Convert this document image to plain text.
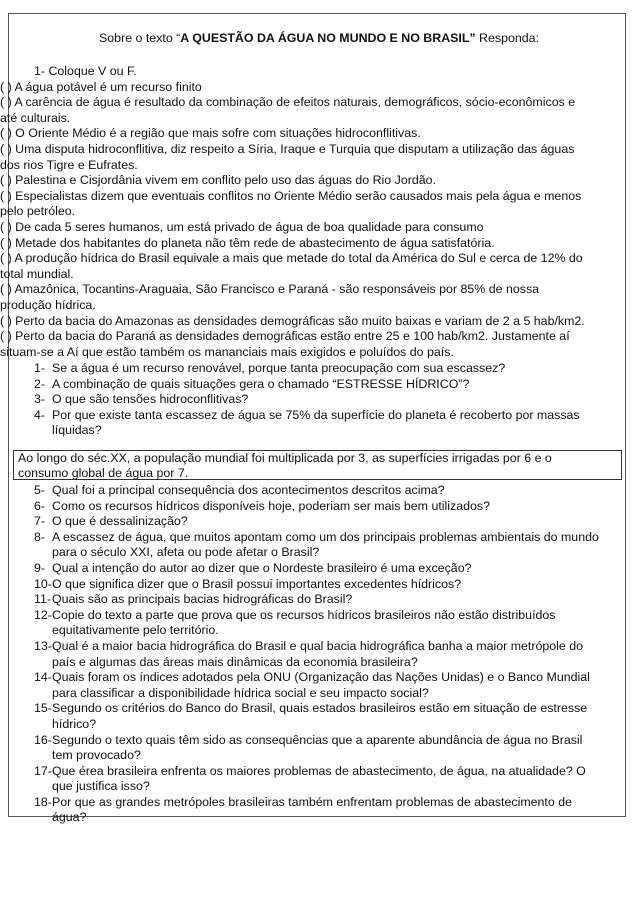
Sobre o texto “A QUESTÃO DA ÁGUA NO MUNDO E NO BRASIL” Responda:
1- Coloque V ou F.
( ) A água potável é um recurso finito
( ) A carência de água é resultado da combinação de efeitos naturais, demográficos, sócio-econômicos e
até culturais.
( ) O Oriente Médio é a região que mais sofre com situações hidroconflitivas.
( ) Uma disputa hidroconflitiva, diz respeito a Síria, Iraque e Turquia que disputam a utilização das águas
dos rios Tigre e Eufrates.
( ) Palestina e Cisjordânia vivem em conflito pelo uso das águas do Rio Jordão.
( ) Especialistas dizem que eventuais conflitos no Oriente Médio serão causados mais pela água e menos
pelo petróleo.
( ) De cada 5 seres humanos, um está privado de água de boa qualidade para consumo
( ) Metade dos habitantes do planeta não têm rede de abastecimento de água satisfatória.
( ) A produção hídrica do Brasil equivale a mais que metade do total da América do Sul e cerca de 12% do
total mundial.
( ) Amazônica, Tocantins-Araguaia, São Francisco e Paraná - são responsáveis por 85% de nossa
produção hídrica.
( ) Perto da bacia do Amazonas as densidades demográficas são muito baixas e variam de 2 a 5 hab/km2.
( ) Perto da bacia do Paraná as densidades demográficas estão entre 25 e 100 hab/km2. Justamente aí
situam-se a Aí que estão também os mananciais mais exigidos e poluídos do país.
1- Se a água é um recurso renovável, porque tanta preocupação com sua escassez?
2- A combinação de quais situações gera o chamado “ESTRESSE HÍDRICO”?
3- O que são tensões hidroconflitivas?
4- Por que existe tanta escassez de água se 75% da superfície do planeta é recoberto por massas
líquidas?
Ao longo do séc.XX, a população mundial foi multiplicada por 3, as superfícies irrigadas por 6 e o
consumo global de água por 7.
5- Qual foi a principal consequência dos acontecimentos descritos acima?
6- Como os recursos hídricos disponíveis hoje, poderiam ser mais bem utilizados?
7- O que é dessalinização?
8- A escassez de água, que muitos apontam como um dos principais problemas ambientais do mundo
para o século XXI, afeta ou pode afetar o Brasil?
9- Qual a intenção do autor ao dizer que o Nordeste brasileiro é uma exceção?
10- O que significa dizer que o Brasil possui importantes excedentes hídricos?
11- Quais são as principais bacias hidrográficas do Brasil?
12- Copie do texto a parte que prova que os recursos hídricos brasileiros não estão distribuídos
equitativamente pelo território.
13- Qual é a maior bacia hidrográfica do Brasil e qual bacia hidrográfica banha a maior metrópole do
país e algumas das áreas mais dinâmicas da economia brasileira?
14- Quais foram os índices adotados pela ONU (Organização das Nações Unidas) e o Banco Mundial
para classificar a disponibilidade hídrica social e seu impacto social?
15- Segundo os critérios do Banco do Brasil, quais estados brasileiros estão em situação de estresse
hídrico?
16- Segundo o texto quais têm sido as consequências que a aparente abundância de água no Brasil
tem provocado?
17- Que érea brasileira enfrenta os maiores problemas de abastecimento, de água, na atualidade? O
que justifica isso?
18- Por que as grandes metrópoles brasileiras também enfrentam problemas de abastecimento de
água?
